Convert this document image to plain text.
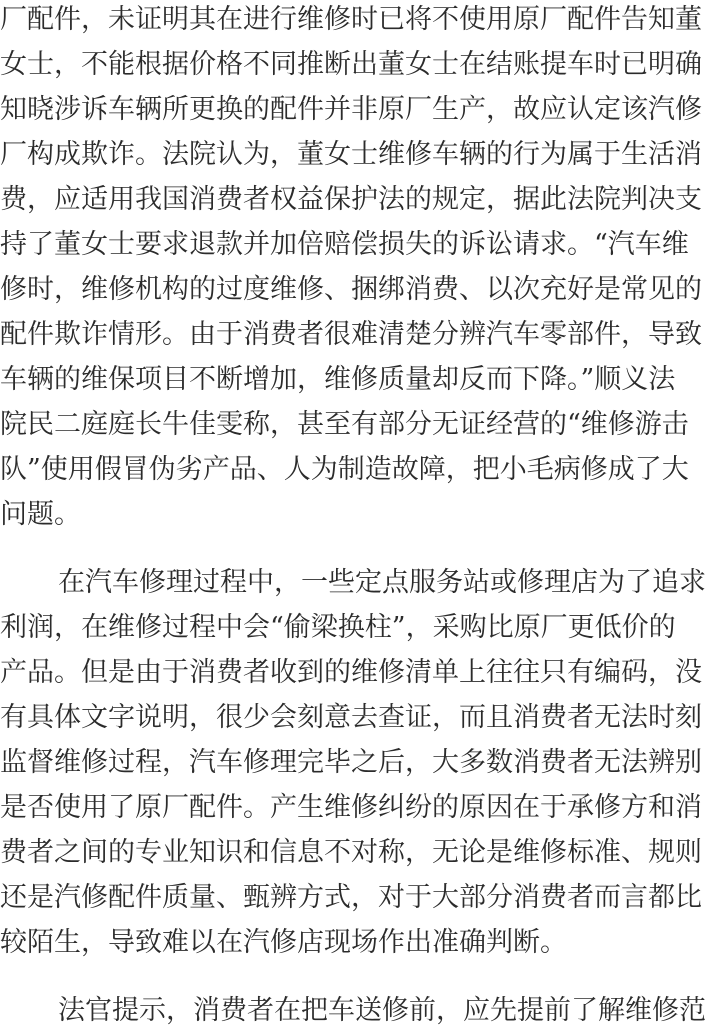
厂配件，未证明其在进行维修时已将不使用原厂配件告知董
女士，不能根据价格不同推断出董女士在结账提车时已明确
知晓涉诉车辆所更换的配件并非原厂生产，故应认定该汽修
厂构成欺诈。法院认为，董女士维修车辆的行为属于生活消
费，应适用我国消费者权益保护法的规定，据此法院判决支
持了董女士要求退款并加倍赔偿损失的诉讼请求。“汽车维
修时，维修机构的过度维修、捆绑消费、以次充好是常见的
配件欺诈情形。由于消费者很难清楚分辨汽车零部件，导致
车辆的维保项目不断增加，维修质量却反而下降。”顺义法
院民二庭庭长牛佳雯称，甚至有部分无证经营的“维修游击
队”使用假冒伪劣产品、人为制造故障，把小毛病修成了大
问题。
在汽车修理过程中，一些定点服务站或修理店为了追求
利润，在维修过程中会“偷梁换柱”，采购比原厂更低价的
产品。但是由于消费者收到的维修清单上往往只有编码，没
有具体文字说明，很少会刻意去查证，而且消费者无法时刻
监督维修过程，汽车修理完毕之后，大多数消费者无法辨别
是否使用了原厂配件。产生维修纠纷的原因在于承修方和消
费者之间的专业知识和信息不对称，无论是维修标准、规则
还是汽修配件质量、甄辨方式，对于大部分消费者而言都比
较陌生，导致难以在汽修店现场作出准确判断。
法官提示，消费者在把车送修前，应先提前了解维修范
